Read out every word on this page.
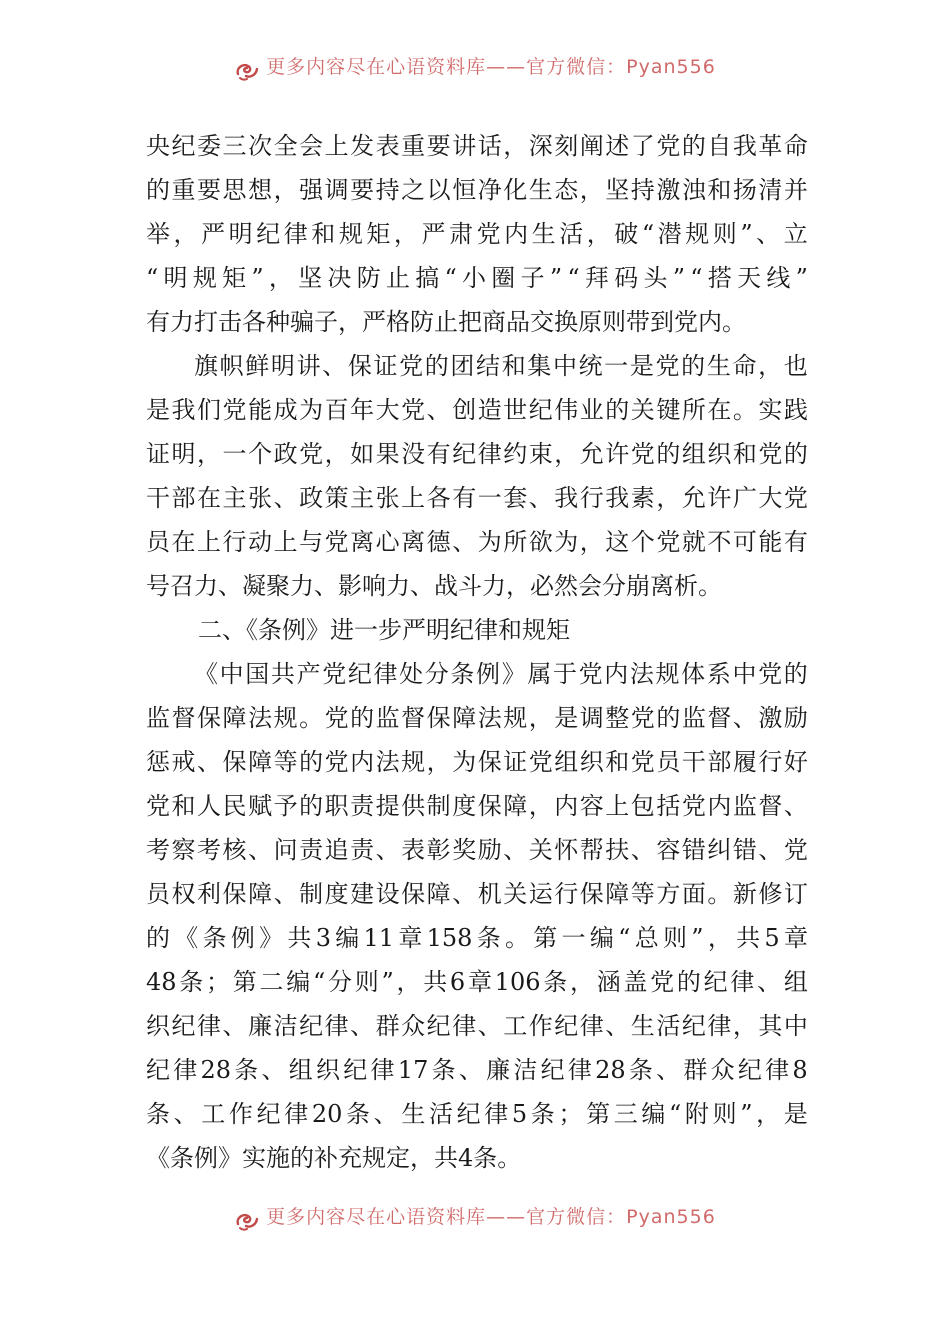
更多内容尽在心语资料库——官方微信：Pyan556
央 纪 委 三 次 全 会 上 发 表 重 要 讲 话 ， 深 刻 阐 述 了 党 的 自 我 革 命
的 重 要 思 想 ， 强 调 要 持 之 以 恒 净 化 生 态 ， 坚 持 激 浊 和 扬 清 并
举 ， 严 明 纪 律 和 规 矩 ， 严 肃 党 内 生 活 ， 破 “ 潜 规 则 ” 、 立
“ 明 规 矩 ” ， 坚 决 防 止 搞 “ 小 圈 子 ” “ 拜 码 头 ” “ 搭 天 线 ”
有力打击各种骗子，严格防止把商品交换原则带到党内。
旗 帜 鲜 明 讲 、 保 证 党 的 团 结 和 集 中 统 一 是 党 的 生 命 ， 也
是 我 们 党 能 成 为 百 年 大 党 、 创 造 世 纪 伟 业 的 关 键 所 在 。 实 践
证 明 ， 一 个 政 党 ， 如 果 没 有 纪 律 约 束 ， 允 许 党 的 组 织 和 党 的
干 部 在 主 张 、 政 策 主 张 上 各 有 一 套 、 我 行 我 素 ， 允 许 广 大 党
员 在 上 行 动 上 与 党 离 心 离 德 、 为 所 欲 为 ， 这 个 党 就 不 可 能 有
号召力、凝聚力、影响力、战斗力，必然会分崩离析。
二、《条例》进一步严明纪律和规矩
《 中 国 共 产 党 纪 律 处 分 条 例 》 属 于 党 内 法 规 体 系 中 党 的
监 督 保 障 法 规 。 党 的 监 督 保 障 法 规 ， 是 调 整 党 的 监 督 、 激 励
惩 戒 、 保 障 等 的 党 内 法 规 ， 为 保 证 党 组 织 和 党 员 干 部 履 行 好
党 和 人 民 赋 予 的 职 责 提 供 制 度 保 障 ， 内 容 上 包 括 党 内 监 督 、
考 察 考 核 、 问 责 追 责 、 表 彰 奖 励 、 关 怀 帮 扶 、 容 错 纠 错 、 党
员 权 利 保 障 、 制 度 建 设 保 障 、 机 关 运 行 保 障 等 方 面 。 新 修 订
的 《 条 例 》 共 3 编 11 章 158 条 。 第 一 编 “ 总 则 ” ， 共 5 章
48 条 ； 第 二 编 “ 分 则 ” ， 共 6 章 106 条 ， 涵 盖 党 的 纪 律 、 组
织 纪 律 、 廉 洁 纪 律 、 群 众 纪 律 、 工 作 纪 律 、 生 活 纪 律 ， 其 中
纪 律 28 条 、 组 织 纪 律 17 条 、 廉 洁 纪 律 28 条 、 群 众 纪 律 8
条 、 工 作 纪 律 20 条 、 生 活 纪 律 5 条 ； 第 三 编 “ 附 则 ” ， 是
《条例》实施的补充规定，共4条。
更多内容尽在心语资料库——官方微信：Pyan556
